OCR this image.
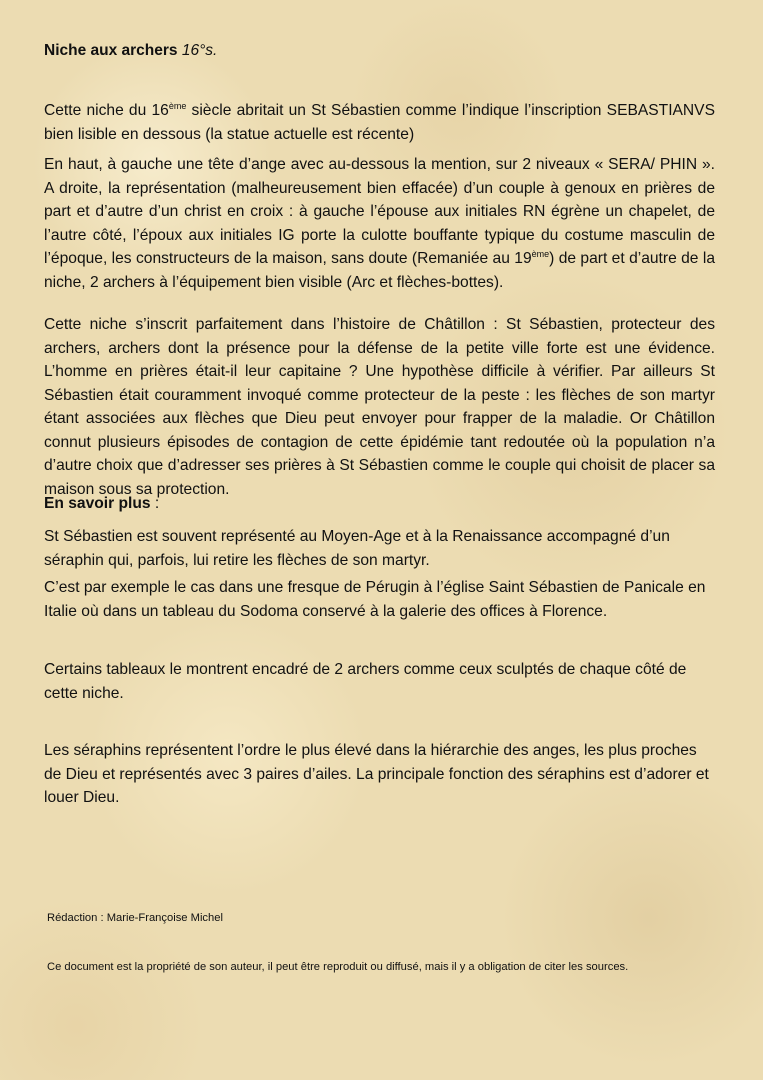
Niche aux archers 16°s.

Cette niche du 16ème siècle abritait un St Sébastien comme l’indique l’inscription SEBASTIANVS bien lisible en dessous (la statue actuelle est récente)

En haut, à gauche une tête d’ange avec au-dessous la mention, sur 2 niveaux « SERA/ PHIN ». A droite, la représentation (malheureusement bien effacée) d’un couple à genoux en prières de part et d’autre d’un christ en croix : à gauche l’épouse aux initiales RN égrène un chapelet, de l’autre côté, l’époux aux initiales IG porte la culotte bouffante typique du costume masculin de l’époque, les constructeurs de la maison, sans doute (Remaniée au 19ème) de part et d’autre de la niche, 2 archers à l’équipement bien visible (Arc et flèches-bottes).

Cette niche s’inscrit parfaitement dans l’histoire de Châtillon : St Sébastien, protecteur des archers, archers dont la présence pour la défense de la petite ville forte est une évidence. L’homme en prières était-il leur capitaine ? Une hypothèse difficile à vérifier. Par ailleurs St Sébastien était couramment invoqué comme protecteur de la peste : les flèches de son martyr étant associées aux flèches que Dieu peut envoyer pour frapper de la maladie. Or Châtillon connut plusieurs épisodes de contagion de cette épidémie tant redoutée où la population n’a d’autre choix que d’adresser ses prières à St Sébastien comme le couple qui choisit de placer sa maison sous sa protection.

En savoir plus :

St Sébastien est souvent représenté au Moyen-Age et à la Renaissance accompagné d’un séraphin qui, parfois, lui retire les flèches de son martyr.

C’est par exemple le cas dans une fresque de Pérugin à l’église Saint Sébastien de Panicale en Italie où dans un tableau du Sodoma conservé à la galerie des offices à Florence.

Certains tableaux le montrent encadré de 2 archers comme ceux sculptés de chaque côté de cette niche.

Les séraphins représentent l’ordre le plus élevé dans la hiérarchie des anges, les plus proches de Dieu et représentés avec 3 paires d’ailes. La principale fonction des séraphins est d’adorer et louer Dieu.

Rédaction : Marie-Françoise Michel
Ce document est la propriété de son auteur, il peut être reproduit ou diffusé, mais il y a obligation de citer les sources.
